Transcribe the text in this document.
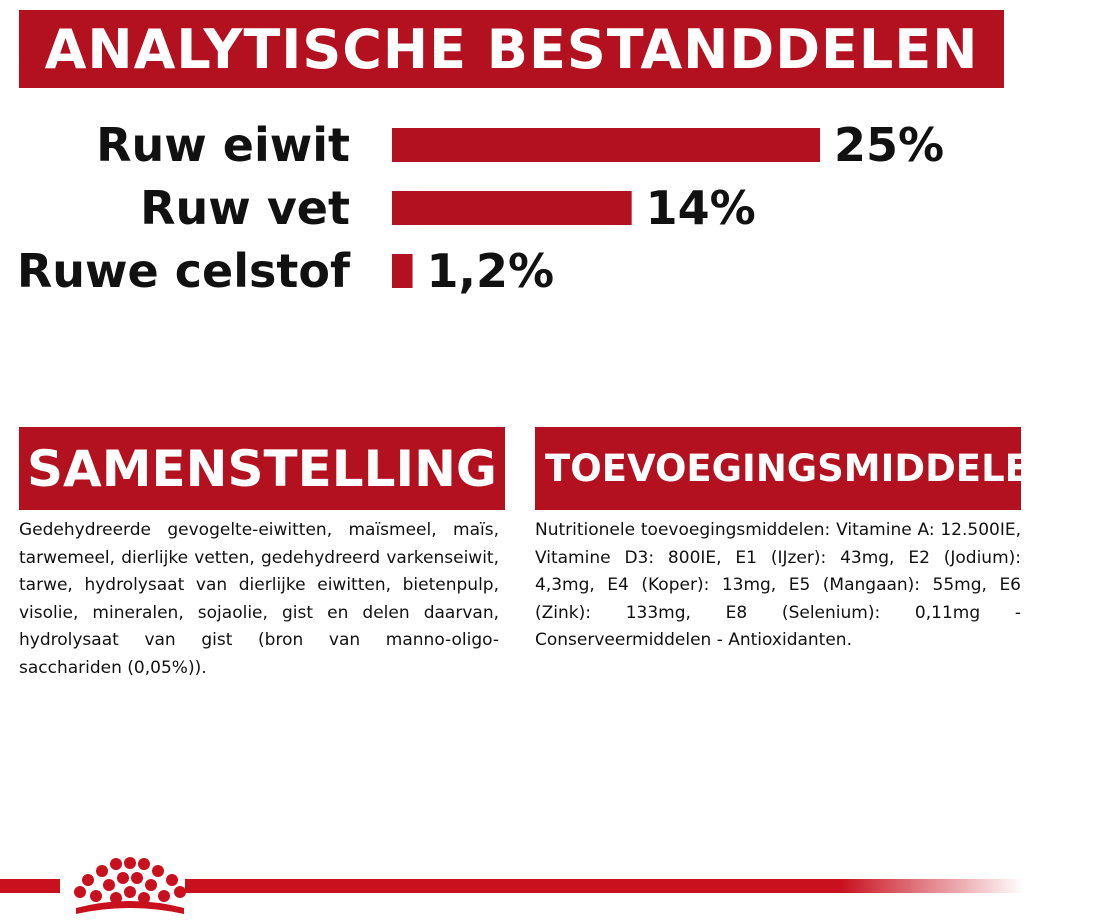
ANALYTISCHE BESTANDDELEN
Ruw eiwit	25%
Ruw vet	14%
Ruwe celstof 1,2%
SAMENSTELLING

Gedehydreerde gevogelte-eiwitten, maïsmeel, maïs, tarwemeel, dierlijke vetten, gedehydreerd varkenseiwit, tarwe, hydrolysaat van dierlijke eiwitten, bietenpulp, visolie, mineralen, sojaolie, gist en delen daarvan, hydrolysaat van gist (bron van manno-oligo-sacchariden (0,05%)).

TOEVOEGINGSMIDDELEN (/kg)

Nutritionele toevoegingsmiddelen: Vitamine A: 12.500IE, Vitamine D3: 800IE, E1 (IJzer): 43mg, E2 (Jodium): 4,3mg, E4 (Koper): 13mg, E5 (Mangaan): 55mg, E6 (Zink): 133mg, E8 (Selenium): 0,11mg - Conserveermiddelen - Antioxidanten.
